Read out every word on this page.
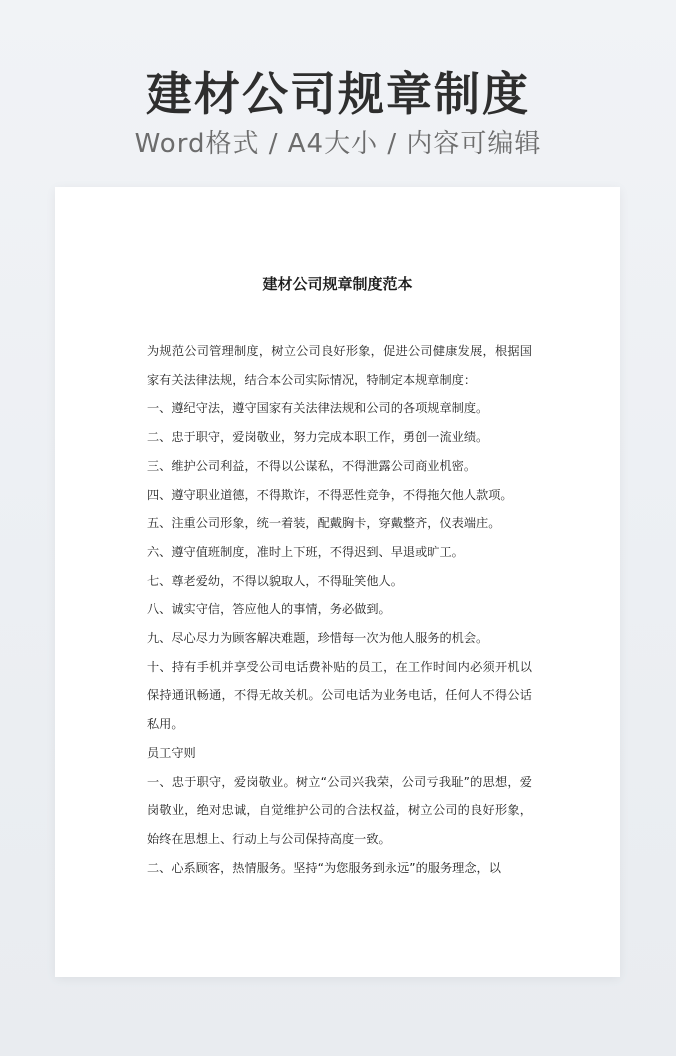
建材公司规章制度
Word格式 / A4大小 / 内容可编辑
建材公司规章制度范本

为规范公司管理制度，树立公司良好形象，促进公司健康发展，根据国家有关法律法规，结合本公司实际情况，特制定本规章制度：

一、遵纪守法，遵守国家有关法律法规和公司的各项规章制度。

二、忠于职守，爱岗敬业，努力完成本职工作，勇创一流业绩。

三、维护公司利益，不得以公谋私，不得泄露公司商业机密。

四、遵守职业道德，不得欺诈，不得恶性竞争，不得拖欠他人款项。

五、注重公司形象，统一着装，配戴胸卡，穿戴整齐，仪表端庄。

六、遵守值班制度，准时上下班，不得迟到、早退或旷工。

七、尊老爱幼，不得以貌取人，不得耻笑他人。

八、诚实守信，答应他人的事情，务必做到。

九、尽心尽力为顾客解决难题，珍惜每一次为他人服务的机会。

十、持有手机并享受公司电话费补贴的员工，在工作时间内必须开机以保持通讯畅通，不得无故关机。公司电话为业务电话，任何人不得公话私用。

员工守则

一、忠于职守，爱岗敬业。树立“公司兴我荣，公司亏我耻”的思想，爱岗敬业，绝对忠诚，自觉维护公司的合法权益，树立公司的良好形象，始终在思想上、行动上与公司保持高度一致。

二、心系顾客，热情服务。坚持“为您服务到永远”的服务理念，以
